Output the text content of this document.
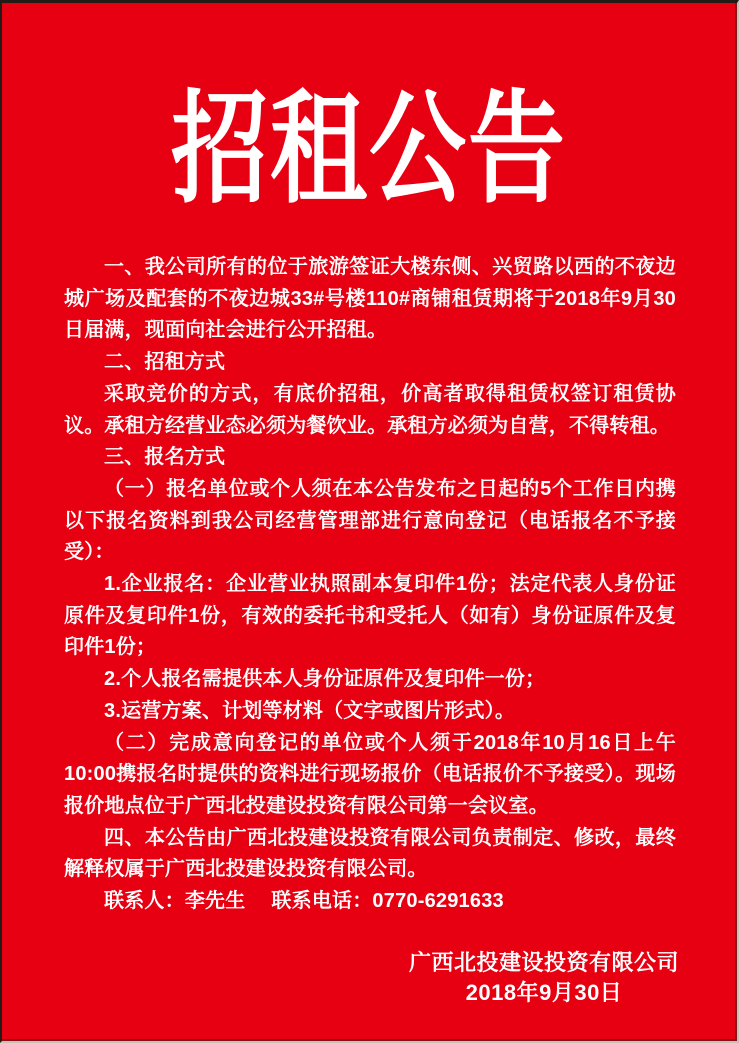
招租公告

一、我公司所有的位于旅游签证大楼东侧、兴贸路以西的不夜边城广场及配套的不夜边城33#号楼110#商铺租赁期将于2018年9月30日届满，现面向社会进行公开招租。

二、招租方式

采取竞价的方式，有底价招租，价高者取得租赁权签订租赁协议。承租方经营业态必须为餐饮业。承租方必须为自营，不得转租。

三、报名方式

（一）报名单位或个人须在本公告发布之日起的5个工作日内携以下报名资料到我公司经营管理部进行意向登记（电话报名不予接受）：

1.企业报名：企业营业执照副本复印件1份；法定代表人身份证原件及复印件1份，有效的委托书和受托人（如有）身份证原件及复印件1份；

2.个人报名需提供本人身份证原件及复印件一份；

3.运营方案、计划等材料（文字或图片形式）。

（二）完成意向登记的单位或个人须于2018年10月16日上午10:00携报名时提供的资料进行现场报价（电话报价不予接受）。现场报价地点位于广西北投建设投资有限公司第一会议室。

四、本公告由广西北投建设投资有限公司负责制定、修改，最终解释权属于广西北投建设投资有限公司。

联系人：李先生 联系电话：0770-6291633
广西北投建设投资有限公司
2018年9月30日
